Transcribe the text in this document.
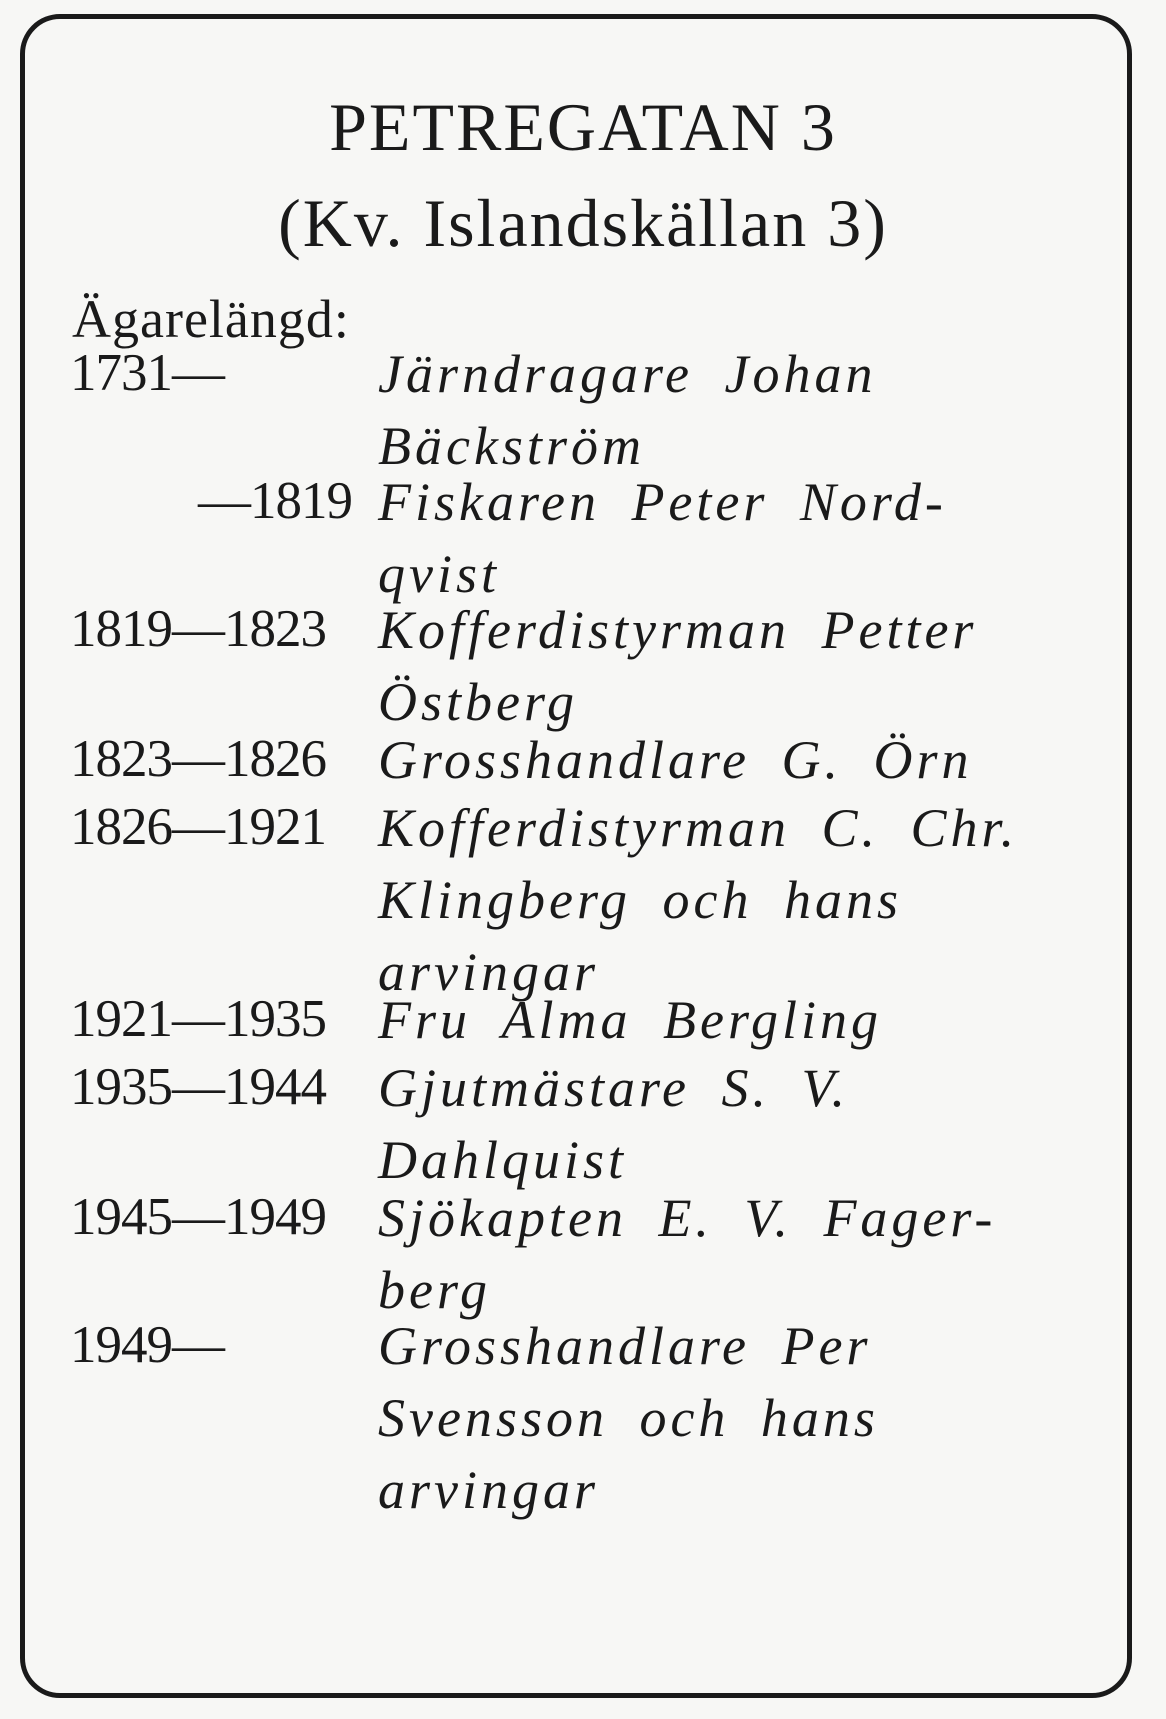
PETREGATAN 3
(Kv. Islandskällan 3)
Ägarelängd:
1731—	Järndragare Johan
Bäckström
—1819 Fiskaren Peter Nord-
qvist
1819—1823 Kofferdistyrman Petter
Östberg
1823—1826 Grosshandlare G. Örn
1826—1921 Kofferdistyrman C. Chr.
Klingberg och hans
arvingar
1921—1935 Fru Alma Bergling
1935—1944 Gjutmästare S. V.
Dahlquist
1945—1949 Sjökapten E. V. Fager-
berg
1949—	Grosshandlare Per
Svensson och hans
arvingar
